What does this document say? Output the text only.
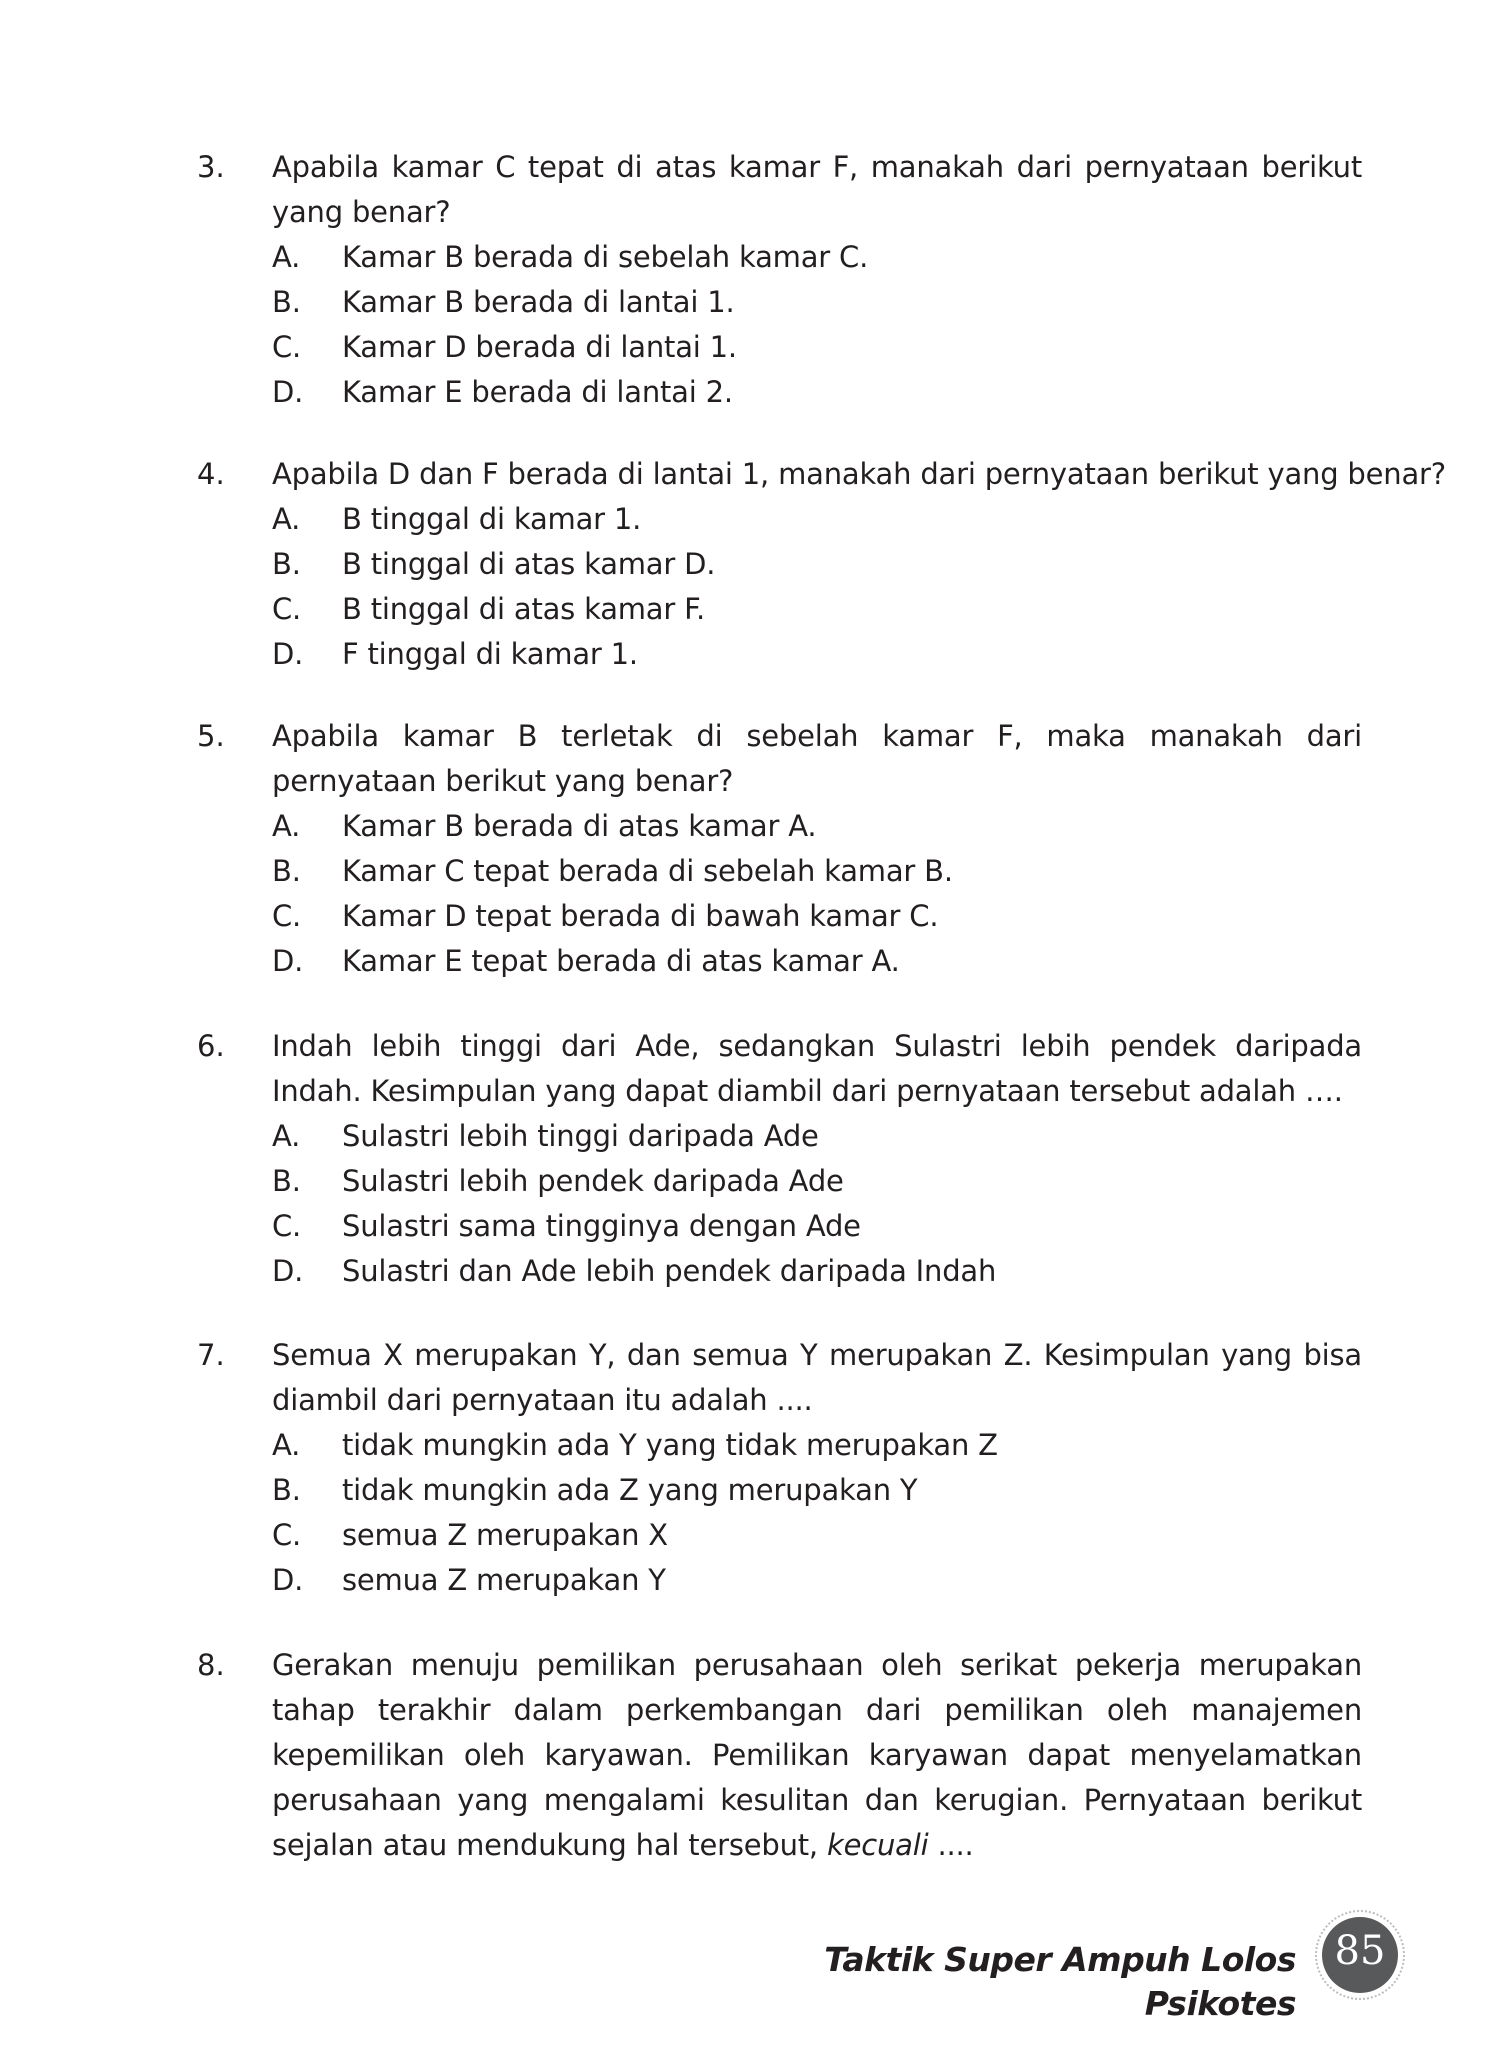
3. Apabila kamar C tepat di atas kamar F, manakah dari pernyataan berikut yang benar?

A. Kamar B berada di sebelah kamar C.
B. Kamar B berada di lantai 1.
C. Kamar D berada di lantai 1.
D. Kamar E berada di lantai 2.
4. Apabila D dan F berada di lantai 1, manakah dari pernyataan berikut yang benar?

A. B tinggal di kamar 1.
B. B tinggal di atas kamar D.
C. B tinggal di atas kamar F.
D. F tinggal di kamar 1.
5. Apabila kamar B terletak di sebelah kamar F, maka manakah dari pernyataan berikut yang benar?

A. Kamar B berada di atas kamar A.
B. Kamar C tepat berada di sebelah kamar B.
C. Kamar D tepat berada di bawah kamar C.
D. Kamar E tepat berada di atas kamar A.
6. Indah lebih tinggi dari Ade, sedangkan Sulastri lebih pendek daripada Indah. Kesimpulan yang dapat diambil dari pernyataan tersebut adalah ….

A. Sulastri lebih tinggi daripada Ade
B. Sulastri lebih pendek daripada Ade
C. Sulastri sama tingginya dengan Ade
D. Sulastri dan Ade lebih pendek daripada Indah
7. Semua X merupakan Y, dan semua Y merupakan Z. Kesimpulan yang bisa diambil dari pernyataan itu adalah ....

A. tidak mungkin ada Y yang tidak merupakan Z
B. tidak mungkin ada Z yang merupakan Y
C. semua Z merupakan X
D. semua Z merupakan Y
8. Gerakan menuju pemilikan perusahaan oleh serikat pekerja merupakan tahap terakhir dalam perkembangan dari pemilikan oleh manajemen kepemilikan oleh karyawan. Pemilikan karyawan dapat menyelamatkan perusahaan yang mengalami kesulitan dan kerugian. Pernyataan berikut sejalan atau mendukung hal tersebut, kecuali ....

Taktik Super Ampuh Lolos Psikotes
85
